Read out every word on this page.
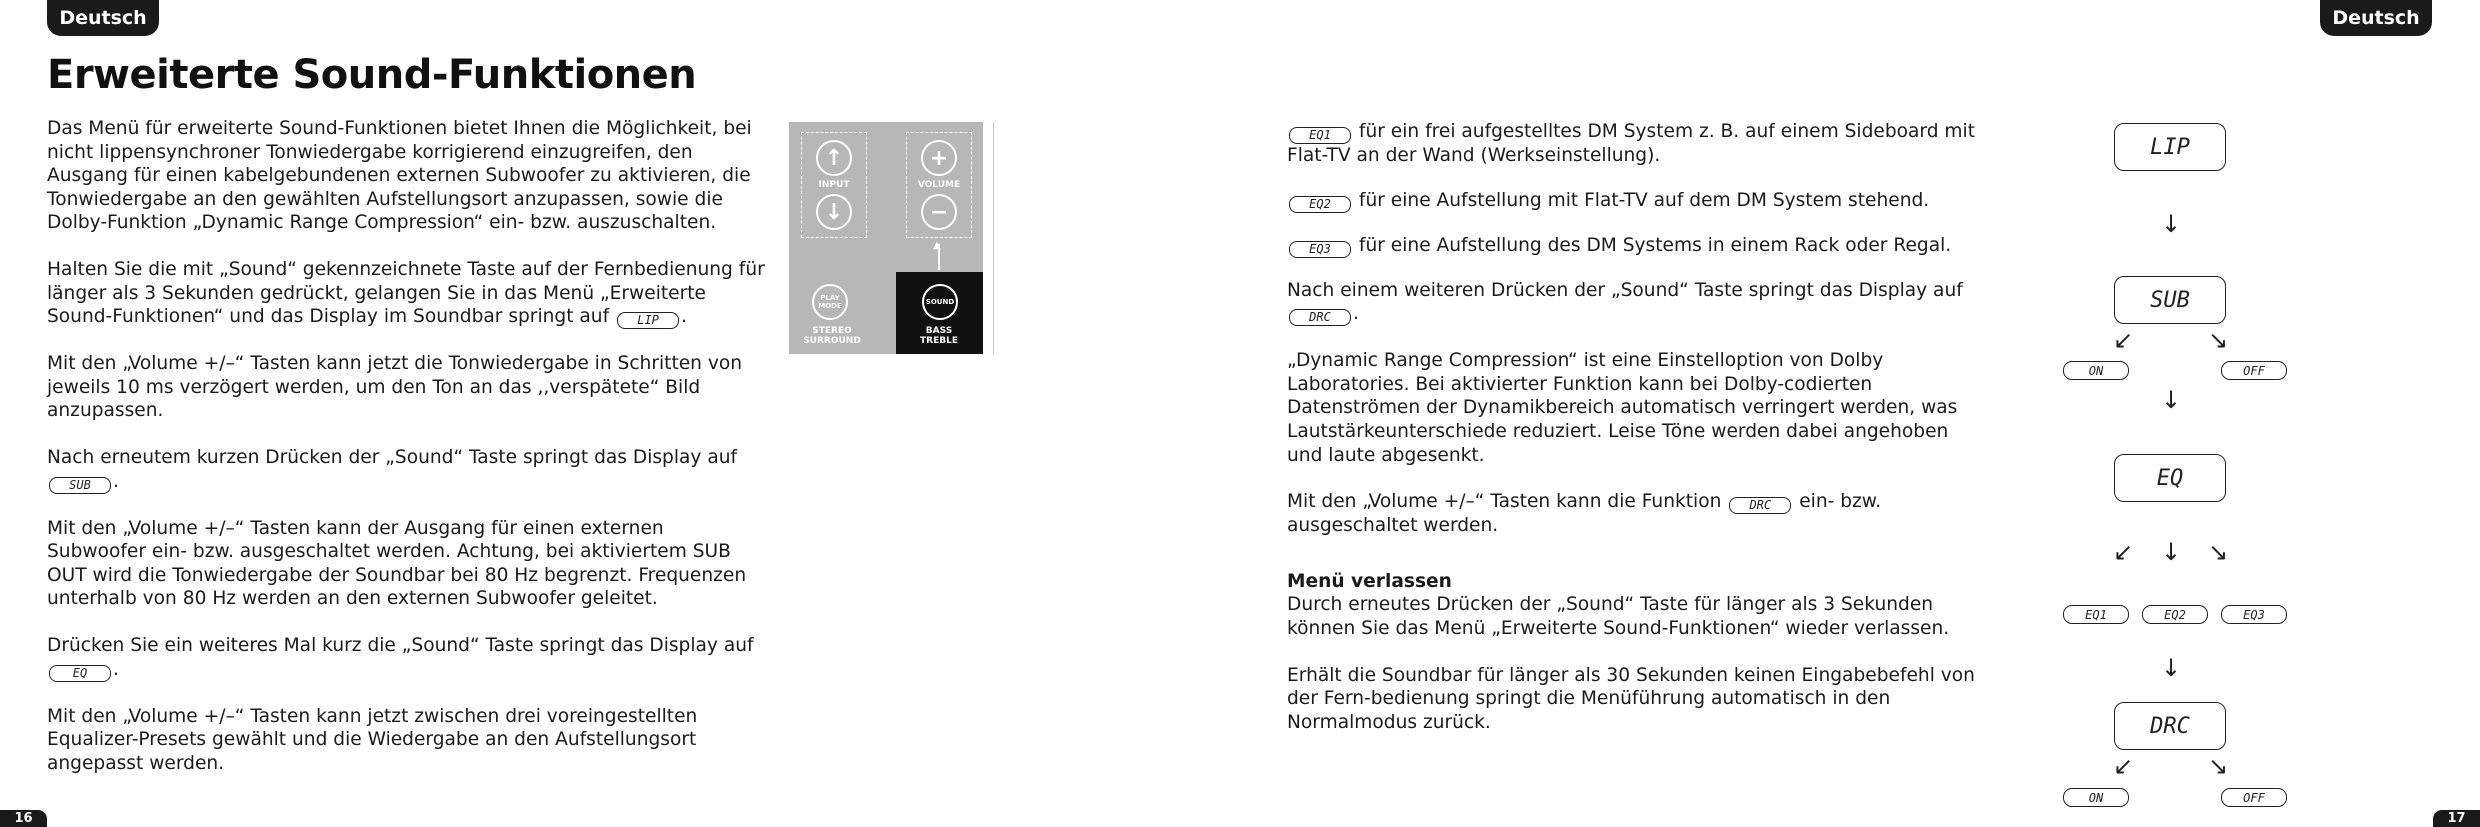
Deutsch	Deutsch
Erweiterte Sound-Funktionen

Das Menü für erweiterte Sound-Funktionen bietet Ihnen die Möglichkeit, bei nicht lippensynchroner Tonwiedergabe korrigierend einzugreifen, den Ausgang für einen kabelgebundenen externen Subwoofer zu aktivieren, die Tonwiedergabe an den gewählten Aufstellungsort anzupassen, sowie die Dolby-Funktion „Dynamic Range Compression“ ein- bzw. auszuschalten.

Halten Sie die mit „Sound“ gekennzeichnete Taste auf der Fernbedienung für länger als 3 Sekunden gedrückt, gelangen Sie in das Menü „Erweiterte Sound-Funktionen“ und das Display im Soundbar springt auf LIP .

Mit den „Volume +/–“ Tasten kann jetzt die Tonwiedergabe in Schritten von jeweils 10 ms verzögert werden, um den Ton an das ,,verspätete“ Bild anzupassen.

Nach erneutem kurzen Drücken der „Sound“ Taste springt das Display auf SUB .

Mit den „Volume +/–“ Tasten kann der Ausgang für einen externen Subwoofer ein- bzw. ausgeschaltet werden. Achtung, bei aktiviertem SUB OUT wird die Tonwiedergabe der Soundbar bei 80 Hz begrenzt. Frequenzen unterhalb von 80 Hz werden an den externen Subwoofer geleitet.

Drücken Sie ein weiteres Mal kurz die „Sound“ Taste springt das Display auf EQ .

Mit den „Volume +/–“ Tasten kann jetzt zwischen drei voreingestellten Equalizer-Presets gewählt und die Wiedergabe an den Aufstellungsort angepasst werden.

↑
INPUT
↓
+
VOLUME
−
▲
PLAY MODE
STEREO SURROUND
SOUND
BASS TREBLE

EQ1 für ein frei aufgestelltes DM System z. B. auf einem Sideboard mit Flat-TV an der Wand (Werkseinstellung).

EQ2 für eine Aufstellung mit Flat-TV auf dem DM System stehend.

EQ3 für eine Aufstellung des DM Systems in einem Rack oder Regal.

Nach einem weiteren Drücken der „Sound“ Taste springt das Display auf DRC .

„Dynamic Range Compression“ ist eine Einstelloption von Dolby Laboratories. Bei aktivierter Funktion kann bei Dolby-codierten Datenströmen der Dynamikbereich automatisch verringert werden, was Lautstärkeunterschiede reduziert. Leise Töne werden dabei angehoben und laute abgesenkt.

Mit den „Volume +/–“ Tasten kann die Funktion DRC ein- bzw. ausgeschaltet werden.

Menü verlassen
Durch erneutes Drücken der „Sound“ Taste für länger als 3 Sekunden können Sie das Menü „Erweiterte Sound-Funktionen“ wieder verlassen.

Erhält die Soundbar für länger als 30 Sekunden keinen Eingabebefehl von der Fern-bedienung springt die Menüführung automatisch in den Normalmodus zurück.

LIP
↓
SUB
↙	↘
ON	OFF
↓
EQ
↙ ↓ ↘
EQ1	EQ2	EQ3
↓
DRC
↙	↘
ON	OFF
16	17
